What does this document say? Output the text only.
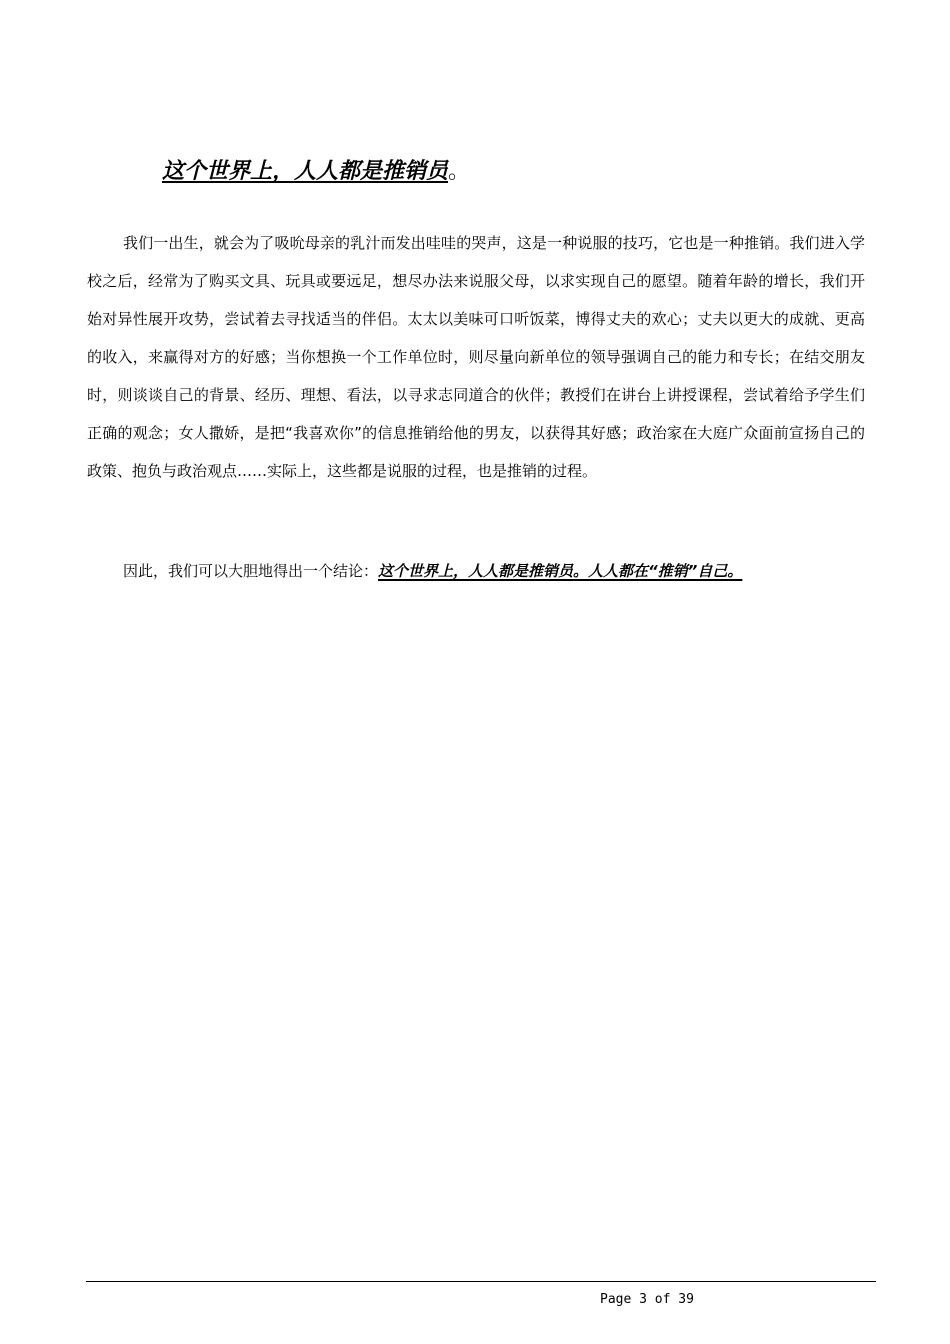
这个世界上，人人都是推销员。

我们一出生，就会为了吸吮母亲的乳汁而发出哇哇的哭声，这是一种说服的技巧，它也是一种推销。我们进入学校之后，经常为了购买文具、玩具或要远足，想尽办法来说服父母，以求实现自己的愿望。随着年龄的增长，我们开始对异性展开攻势，尝试着去寻找适当的伴侣。太太以美味可口听饭菜，博得丈夫的欢心；丈夫以更大的成就、更高的收入，来赢得对方的好感；当你想换一个工作单位时，则尽量向新单位的领导强调自己的能力和专长；在结交朋友时，则谈谈自己的背景、经历、理想、看法，以寻求志同道合的伙伴；教授们在讲台上讲授课程，尝试着给予学生们正确的观念；女人撒娇，是把“我喜欢你”的信息推销给他的男友，以获得其好感；政治家在大庭广众面前宣扬自己的政策、抱负与政治观点……实际上，这些都是说服的过程，也是推销的过程。

因此，我们可以大胆地得出一个结论：这个世界上，人人都是推销员。人人都在“推销”自己。

Page 3 of 39
